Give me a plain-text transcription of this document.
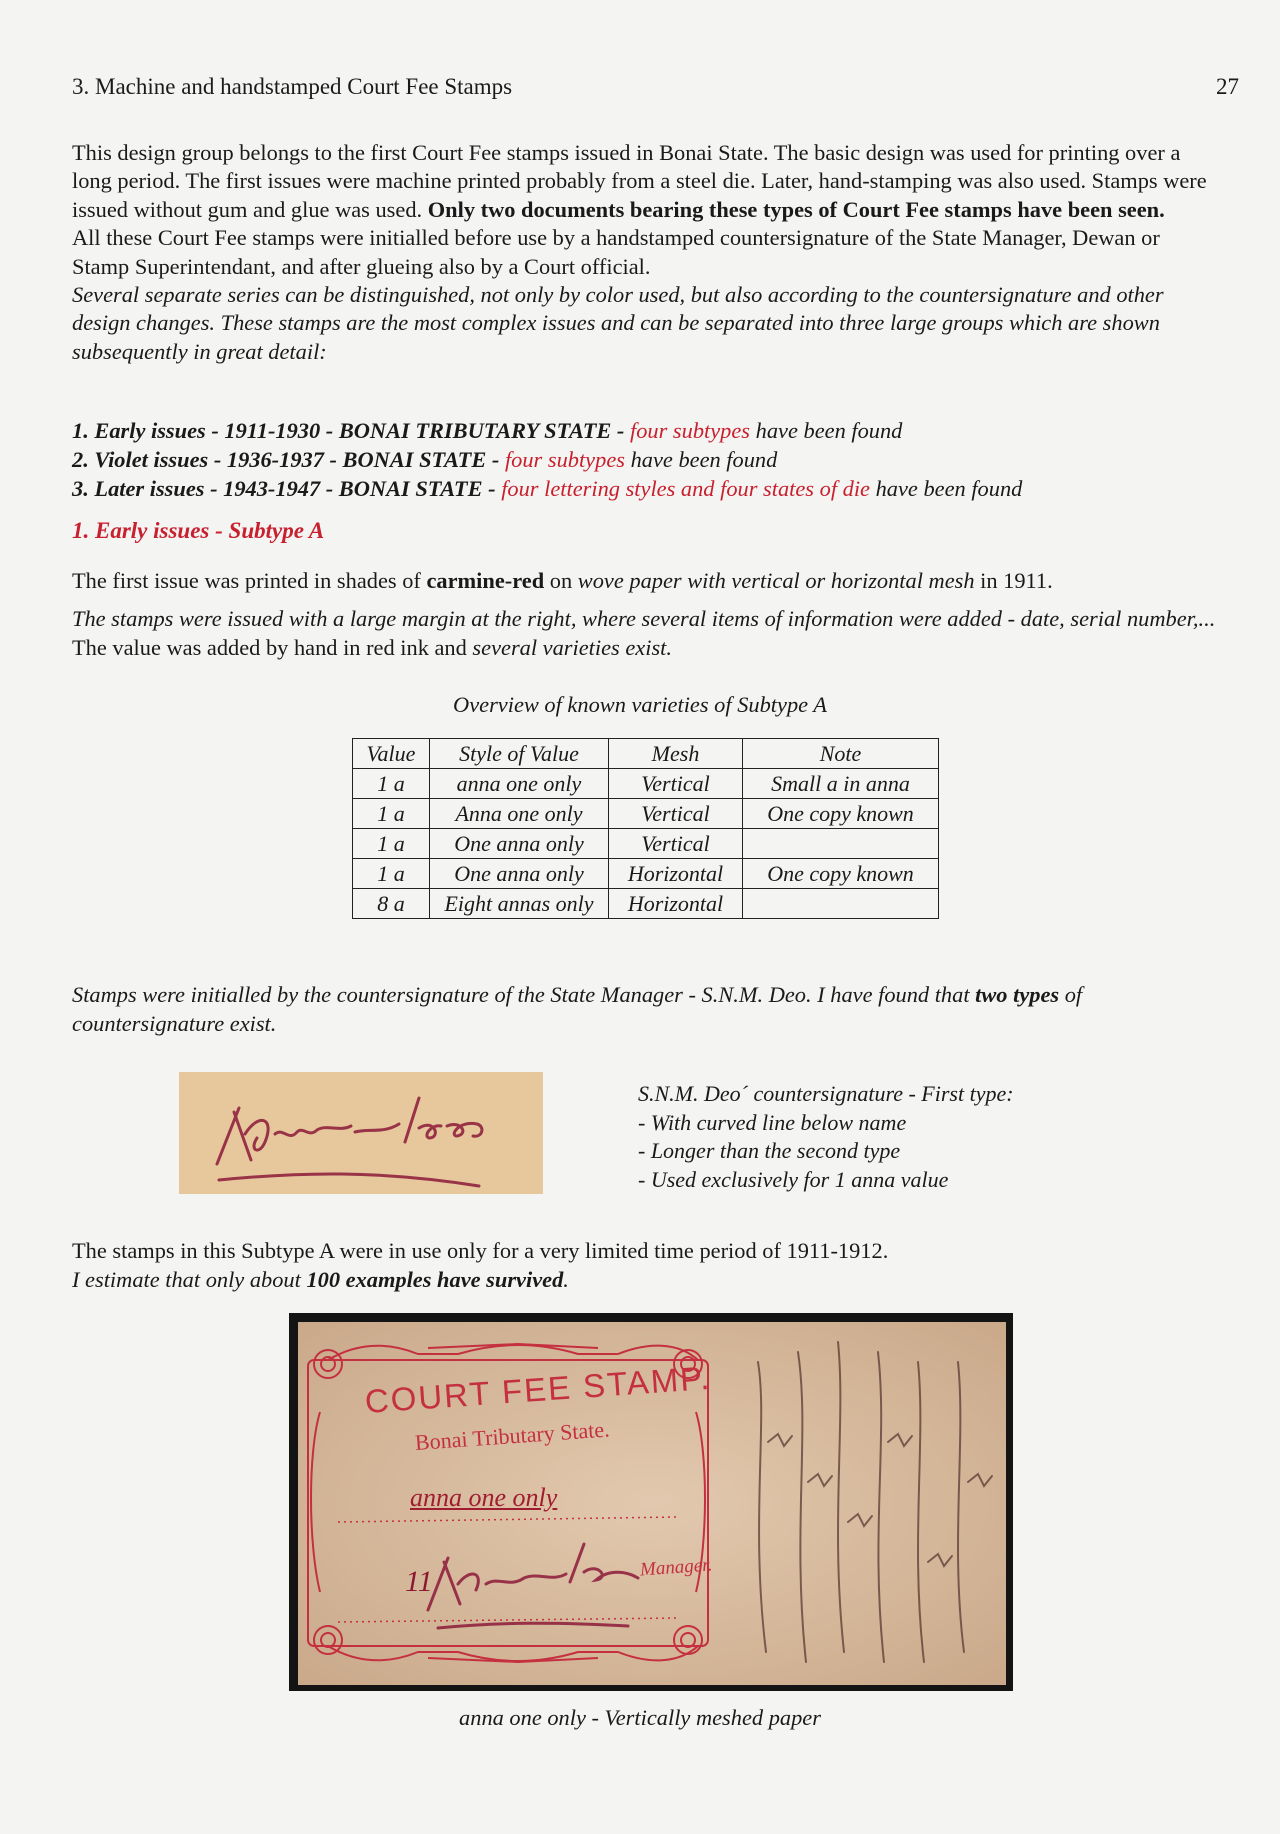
3. Machine and handstamped Court Fee Stamps	27

This design group belongs to the first Court Fee stamps issued in Bonai State. The basic design was used for printing over a long period. The first issues were machine printed probably from a steel die. Later, hand-stamping was also used. Stamps were issued without gum and glue was used. Only two documents bearing these types of Court Fee stamps have been seen.

All these Court Fee stamps were initialled before use by a handstamped countersignature of the State Manager, Dewan or Stamp Superintendant, and after glueing also by a Court official.

Several separate series can be distinguished, not only by color used, but also according to the countersignature and other design changes. These stamps are the most complex issues and can be separated into three large groups which are shown subsequently in great detail:

1. Early issues - 1911-1930 - BONAI TRIBUTARY STATE - four subtypes have been found
2. Violet issues - 1936-1937 - BONAI STATE - four subtypes have been found
3. Later issues - 1943-1947 - BONAI STATE - four lettering styles and four states of die have been found
1. Early issues - Subtype A
The first issue was printed in shades of carmine-red on wove paper with vertical or horizontal mesh in 1911.
The stamps were issued with a large margin at the right, where several items of information were added - date, serial number,... The value was added by hand in red ink and several varieties exist.
Overview of known varieties of Subtype A
Value	Style of Value	Mesh	Note
1 a	anna one only	Vertical	Small a in anna
1 a	Anna one only	Vertical	One copy known
1 a	One anna only	Vertical	
1 a	One anna only	Horizontal	One copy known
8 a	Eight annas only	Horizontal	
Stamps were initialled by the countersignature of the State Manager - S.N.M. Deo. I have found that two types of countersignature exist.
S.N.M. Deo´ countersignature - First type:
- With curved line below name
- Longer than the second type
- Used exclusively for 1 anna value
The stamps in this Subtype A were in use only for a very limited time period of 1911-1912.
I estimate that only about 100 examples have survived.
COURT FEE STAMP.
Bonai Tributary State.
anna one only
11	Manager.
anna one only - Vertically meshed paper
